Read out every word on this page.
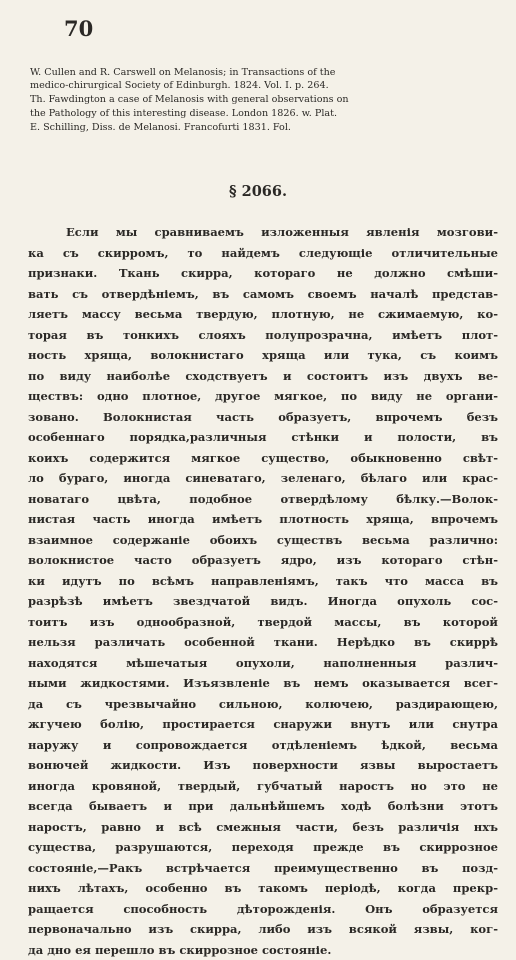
70

W. Cullen and R. Carswell on Melanosis; in Transactions of the
medico-chirurgical Society of Edinburgh. 1824. Vol. I. p. 264.

Th. Fawdington a case of Melanosis with general observations on
the Pathology of this interesting disease. London 1826. w. Plat.

E. Schilling, Diss. de Melanosi. Francofurti 1831. Fol.

§ 2066.
Если мы сравниваемъ изложенныя явленія мозгови-
ка съ скирромъ, то найдемъ следующіе отличительные
признаки. Ткань скирра, котораго не должно смѣши-
вать съ отвердѣніемъ, въ самомъ своемъ началѣ представ-
ляетъ массу весьма твердую, плотную, не сжимаемую, ко-
торая въ тонкихъ слояхъ полупрозрачна, имѣетъ плот-
ность хряща, волокнистаго хряща или тука, съ коимъ
по виду наиболѣе сходствуетъ и состоитъ изъ двухъ ве-
ществъ: одно плотное, другое мягкое, по виду не органи-
зовано. Волокнистая часть образуетъ, впрочемъ безъ
особеннаго порядка,различныя стѣнки и полости, въ
коихъ содержится мягкое существо, обыкновенно свѣт-
ло бураго, иногда синеватаго, зеленаго, бѣлаго или крас-
новатаго цвѣта, подобное отвердѣлому бѣлку.—Волок-
нистая часть иногда имѣетъ плотность хряща, впрочемъ
взаимное содержаніе обоихъ существъ весьма различно:
волокнистое часто образуетъ ядро, изъ котораго стѣн-
ки идутъ по всѣмъ направленіямъ, такъ что масса въ
разрѣзѣ имѣетъ звездчатой видъ. Иногда опухоль сос-
тоитъ изъ однообразной, твердой массы, въ которой
нельзя различать особенной ткани. Нерѣдко въ скиррѣ
находятся мѣшечатыя опухоли, наполненныя различ-
ными жидкостями. Изъязвленіе въ немъ оказывается всег-
да съ чрезвычайно сильною, колючею, раздирающею,
жгучею болію, простирается снаружи внутъ или снутра
наружу и сопровождается отдѣленіемъ ѣдкой, весьма
вонючей жидкости. Изъ поверхности язвы выростаетъ
иногда кровяной, твердый, губчатый наростъ но это не
всегда бываетъ и при дальнѣйшемъ ходѣ болѣзни этотъ
наростъ, равно и всѣ смежныя части, безъ различія нхъ
существа, разрушаются, переходя прежде въ скиррозное
состояніе,—Ракъ встрѣчается преимущественно въ позд-
нихъ лѣтахъ, особенно въ такомъ періодѣ, когда прекр-
ращается способность дѣторожденія. Онъ образуется
первоначально изъ скирра, либо изъ всякой язвы, ког-
да дно ея перешло въ скиррозное состояніе.
